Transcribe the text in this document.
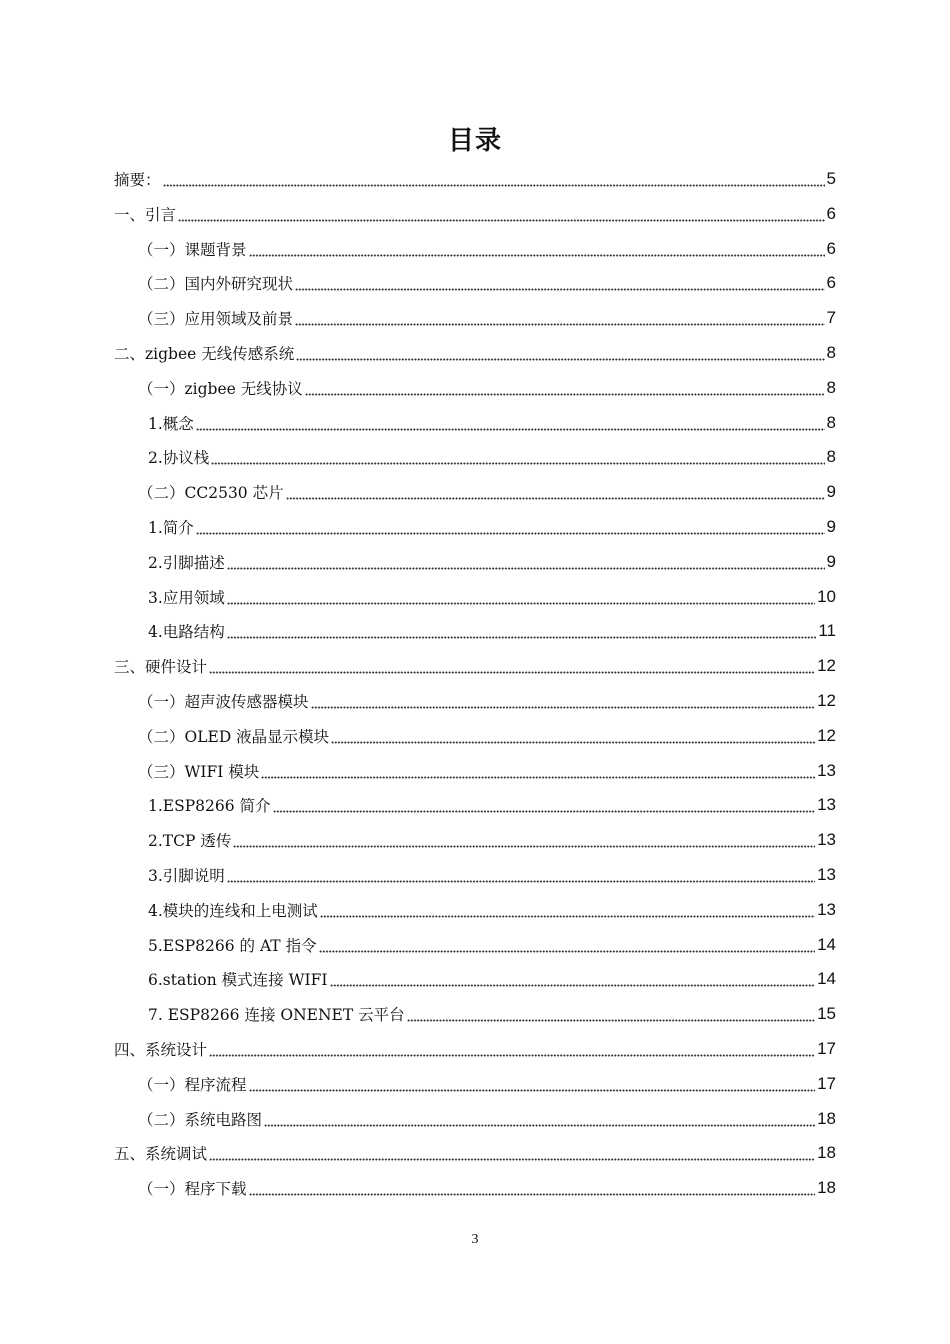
目录
摘要：	5
一、引言	6
（一）课题背景	6
（二）国内外研究现状	6
（三）应用领域及前景	7
二、zigbee 无线传感系统	8
（一）zigbee 无线协议	8
1.概念	8
2.协议栈	8
（二）CC2530 芯片	9
1.简介	9
2.引脚描述	9
3.应用领域	10
4.电路结构	11
三、硬件设计	12
（一）超声波传感器模块	12
（二）OLED 液晶显示模块	12
（三）WIFI 模块	13
1.ESP8266 简介	13
2.TCP 透传	13
3.引脚说明	13
4.模块的连线和上电测试	13
5.ESP8266 的 AT 指令	14
6.station 模式连接 WIFI	14
7. ESP8266 连接 ONENET 云平台	15
四、系统设计	17
（一）程序流程	17
（二）系统电路图	18
五、系统调试	18
（一）程序下载	18
3
